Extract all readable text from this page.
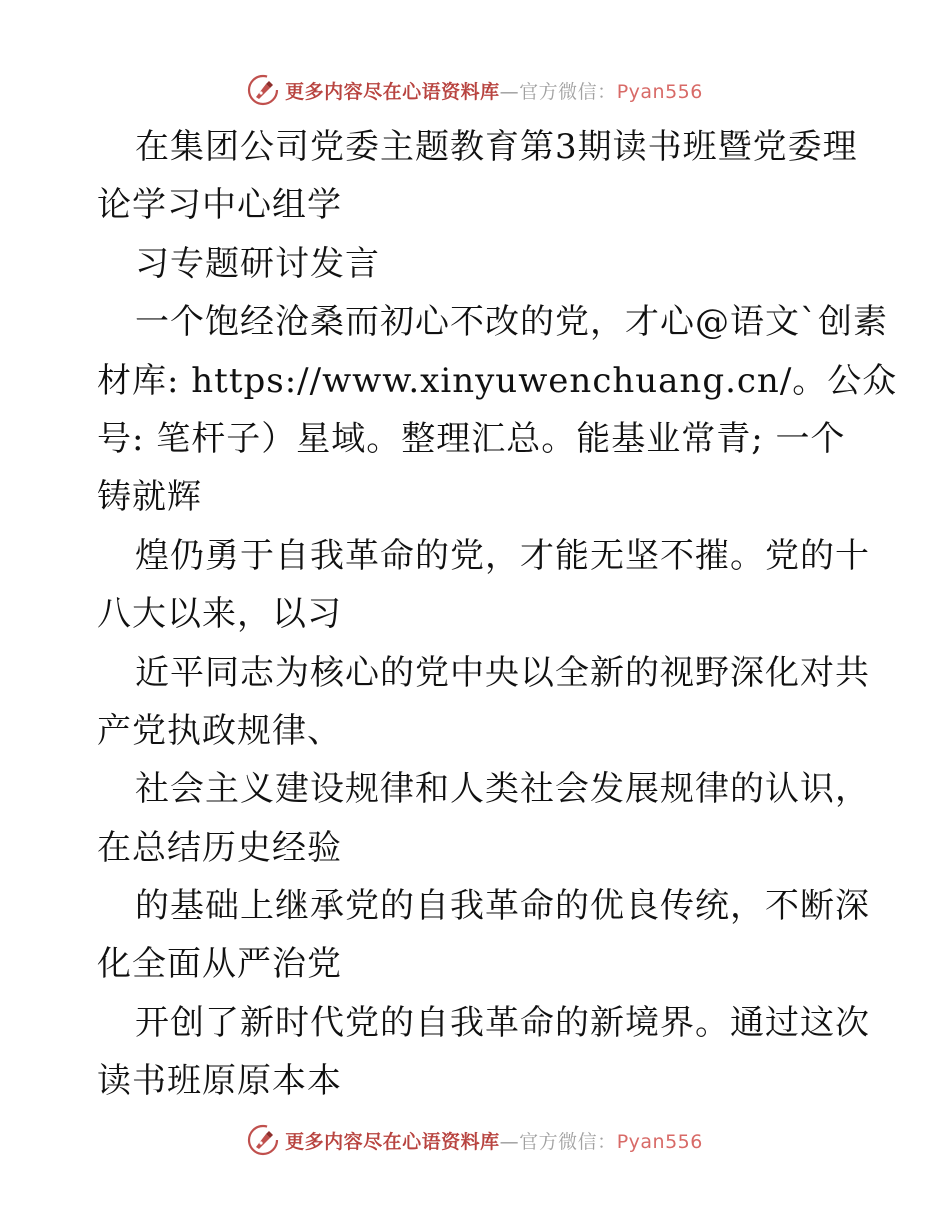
更多内容尽在心语资料库—官方微信：Pyan556
在集团公司党委主题教育第3期读书班暨党委理
论学习中心组学
习专题研讨发言
一个饱经沧桑而初心不改的党，才心@语文`创素
材库: https://www.xinyuwenchuang.cn/。公众
号: 笔杆子）星域。整理汇总。能基业常青; 一个
铸就辉
煌仍勇于自我革命的党，才能无坚不摧。党的十
八大以来，以习
近平同志为核心的党中央以全新的视野深化对共
产党执政规律、
社会主义建设规律和人类社会发展规律的认识，
在总结历史经验
的基础上继承党的自我革命的优良传统，不断深
化全面从严治党
开创了新时代党的自我革命的新境界。通过这次
读书班原原本本
更多内容尽在心语资料库—官方微信：Pyan556
